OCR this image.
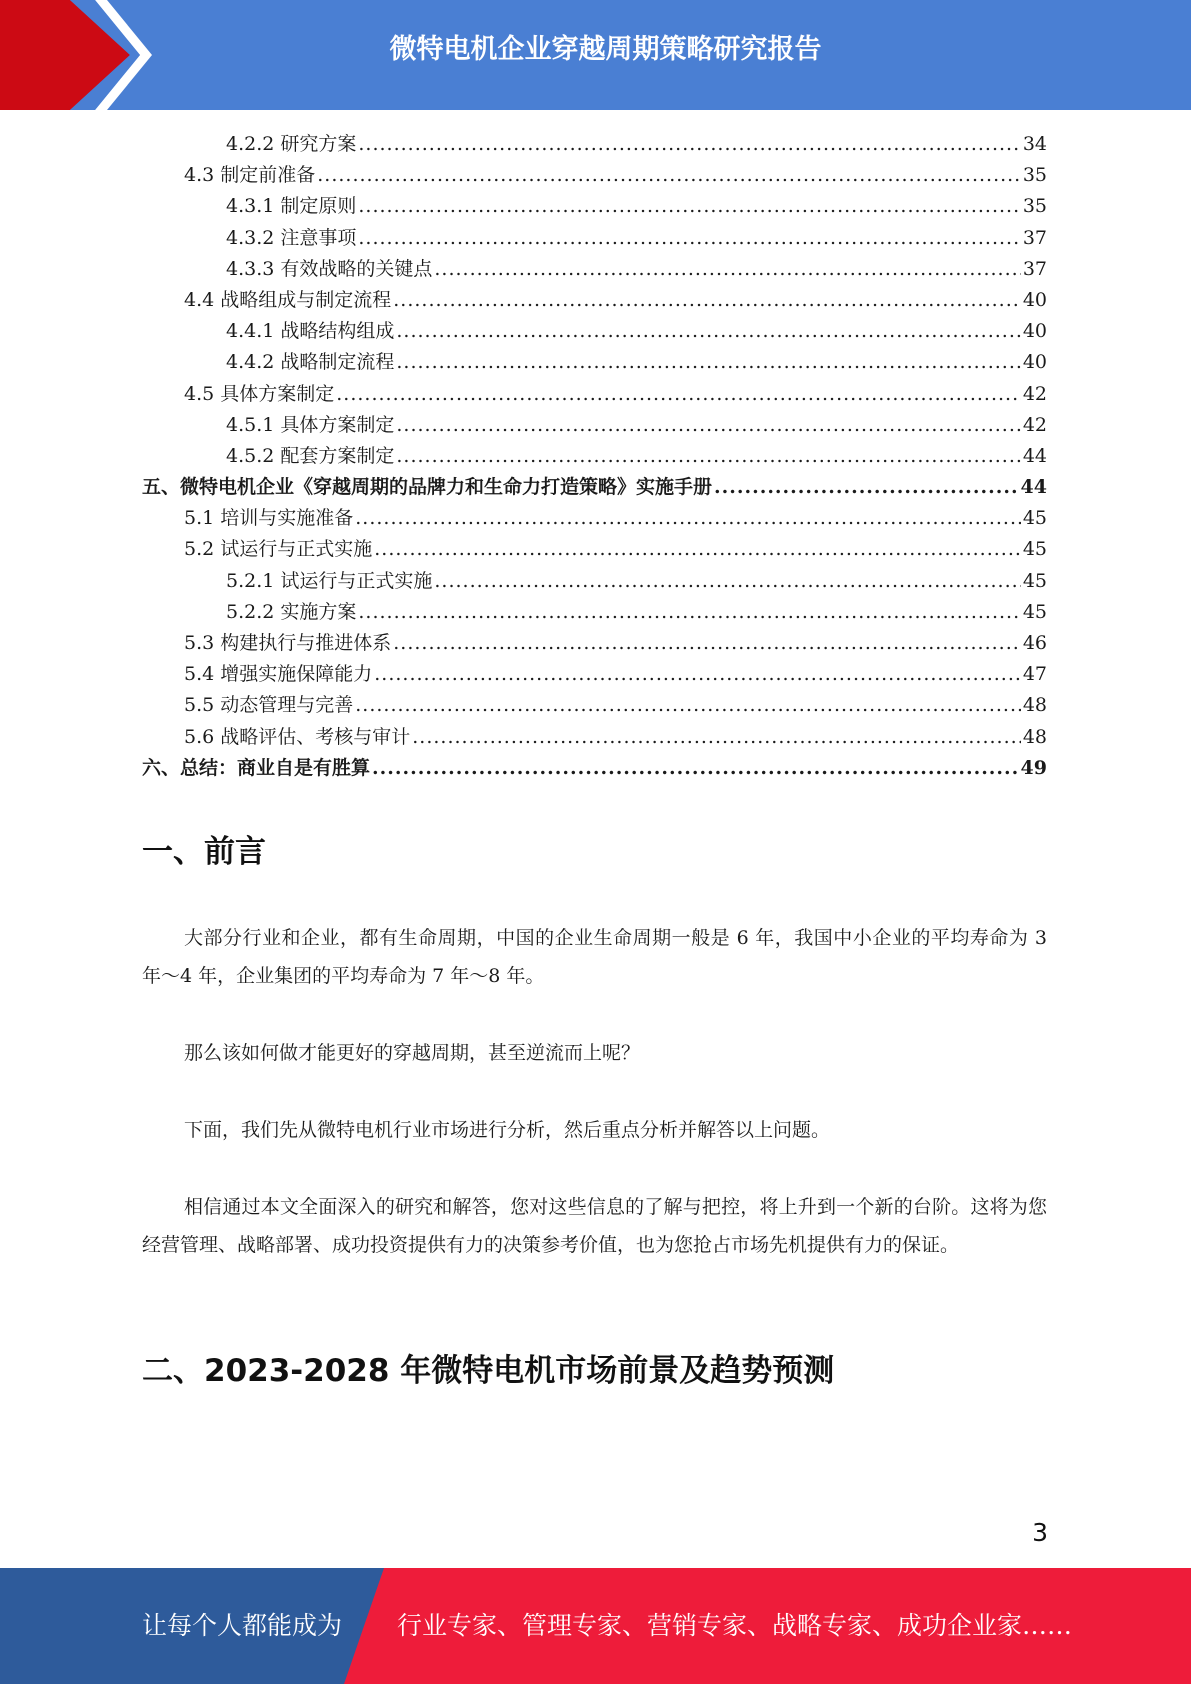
微特电机企业穿越周期策略研究报告
4.2.2 研究方案 .....	34
4.3 制定前准备 .....	35
4.3.1 制定原则 .....	35
4.3.2 注意事项 .....	37
4.3.3 有效战略的关键点 .....	37
4.4 战略组成与制定流程 .....	40
4.4.1 战略结构组成 .....	40
4.4.2 战略制定流程 .....	40
4.5 具体方案制定 .....	42
4.5.1 具体方案制定 .....	42
4.5.2 配套方案制定 .....	44
五、微特电机企业《穿越周期的品牌力和生命力打造策略》实施手册 .....	44
5.1 培训与实施准备 .....	45
5.2 试运行与正式实施 .....	45
5.2.1 试运行与正式实施 .....	45
5.2.2 实施方案 .....	45
5.3 构建执行与推进体系 .....	46
5.4 增强实施保障能力 .....	47
5.5 动态管理与完善 .....	48
5.6 战略评估、考核与审计 .....	48
六、总结：商业自是有胜算 .....	49
一、前言
大部分行业和企业，都有生命周期，中国的企业生命周期一般是 6 年，我国中小企业的平均寿命为 3 年～4 年，企业集团的平均寿命为 7 年～8 年。
那么该如何做才能更好的穿越周期，甚至逆流而上呢？
下面，我们先从微特电机行业市场进行分析，然后重点分析并解答以上问题。
相信通过本文全面深入的研究和解答，您对这些信息的了解与把控，将上升到一个新的台阶。这将为您经营管理、战略部署、成功投资提供有力的决策参考价值，也为您抢占市场先机提供有力的保证。
二、2023-2028 年微特电机市场前景及趋势预测
3
让每个人都能成为 行业专家、管理专家、营销专家、战略专家、成功企业家……
